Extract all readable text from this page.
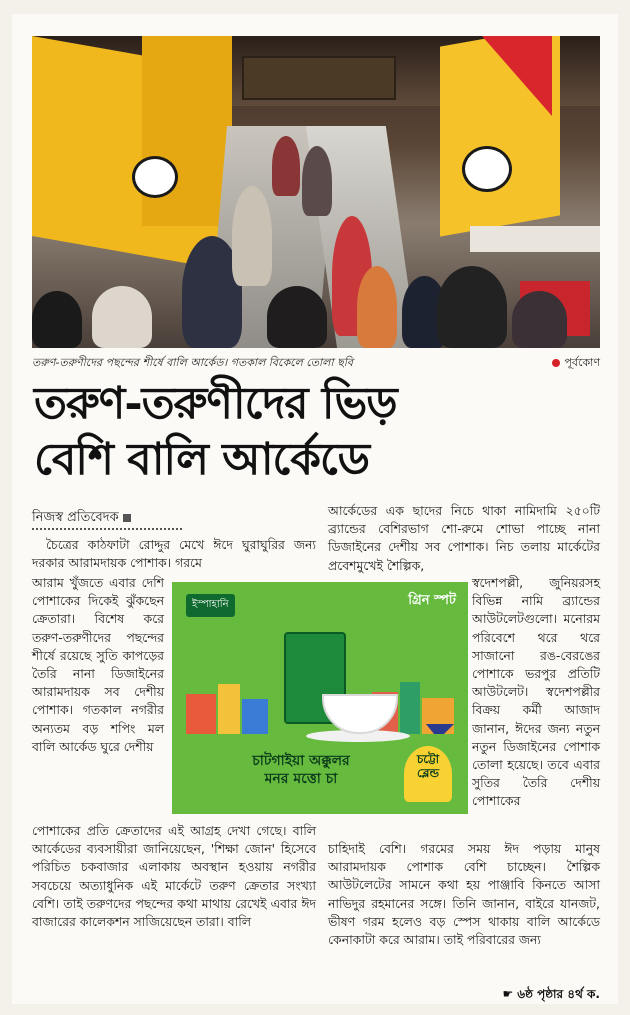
তরুণ-তরুণীদের পছন্দের শীর্ষে বালি আর্কেড। গতকাল বিকেলে তোলা ছবি	পূর্বকোণ
তরুণ-তরুণীদের ভিড়
বেশি বালি আর্কেডে
নিজস্ব প্রতিবেদক

চৈত্রের কাঠফাটা রোদ্দুর মেখে ঈদে ঘুরাঘুরির জন্য দরকার আরামদায়ক পোশাক। গরমে

আরাম খুঁজতে এবার দেশি পোশাকের দিকেই ঝুঁকছেন ক্রেতারা। বিশেষ করে তরুণ-তরুণীদের পছন্দের শীর্ষে রয়েছে সুতি কাপড়ের তৈরি নানা ডিজাইনের আরামদায়ক সব দেশীয় পোশাক। গতকাল নগরীর অন্যতম বড় শপিং মল বালি আর্কেড ঘুরে দেশীয়

পোশাকের প্রতি ক্রেতাদের এই আগ্রহ দেখা গেছে। বালি আর্কেডের ব্যবসায়ীরা জানিয়েছেন, 'শিক্ষা জোন' হিসেবে পরিচিত চকবাজার এলাকায় অবস্থান হওয়ায় নগরীর সবচেয়ে অত্যাধুনিক এই মার্কেটে তরুণ ক্রেতার সংখ্যা বেশি। তাই তরুণদের পছন্দের কথা মাথায় রেখেই এবার ঈদ বাজারের কালেকশন সাজিয়েছেন তারা। বালি

আর্কেডের এক ছাদের নিচে থাকা নামিদামি ২৫০টি ব্র্যান্ডের বেশিরভাগ শো-রুমে শোভা পাচ্ছে নানা ডিজাইনের দেশীয় সব পোশাক। নিচ তলায় মার্কেটের প্রবেশমুখেই শৈল্পিক,

স্বদেশপল্লী, জুনিয়রসহ বিভিন্ন নামি ব্র্যান্ডের আউটলেটগুলো। মনোরম পরিবেশে থরে থরে সাজানো রঙ-বেরঙের পোশাকে ভরপুর প্রতিটি আউটলেট। স্বদেশপল্লীর বিক্রয় কর্মী আজাদ জানান, ঈদের জন্য নতুন নতুন ডিজাইনের পোশাক তোলা হয়েছে। তবে এবার সুতির তৈরি দেশীয় পোশাকের

চাহিদাই বেশি। গরমের সময় ঈদ পড়ায় মানুষ আরামদায়ক পোশাক বেশি চাচ্ছেন। শৈল্পিক আউটলেটের সামনে কথা হয় পাঞ্জাবি কিনতে আসা নাভিদুর রহমানের সঙ্গে। তিনি জানান, বাইরে যানজট, ভীষণ গরম হলেও বড় স্পেস থাকায় বালি আর্কেডে কেনাকাটা করে আরাম। তাই পরিবারের জন্য

ইস্পাহানি	গ্রিন স্পট
চাটগাইয়া অক্কুলর
মনর মত্তো চা
চট্টো ব্লেন্ড
☛ ৬ষ্ঠ পৃষ্ঠার ৪র্থ ক.
